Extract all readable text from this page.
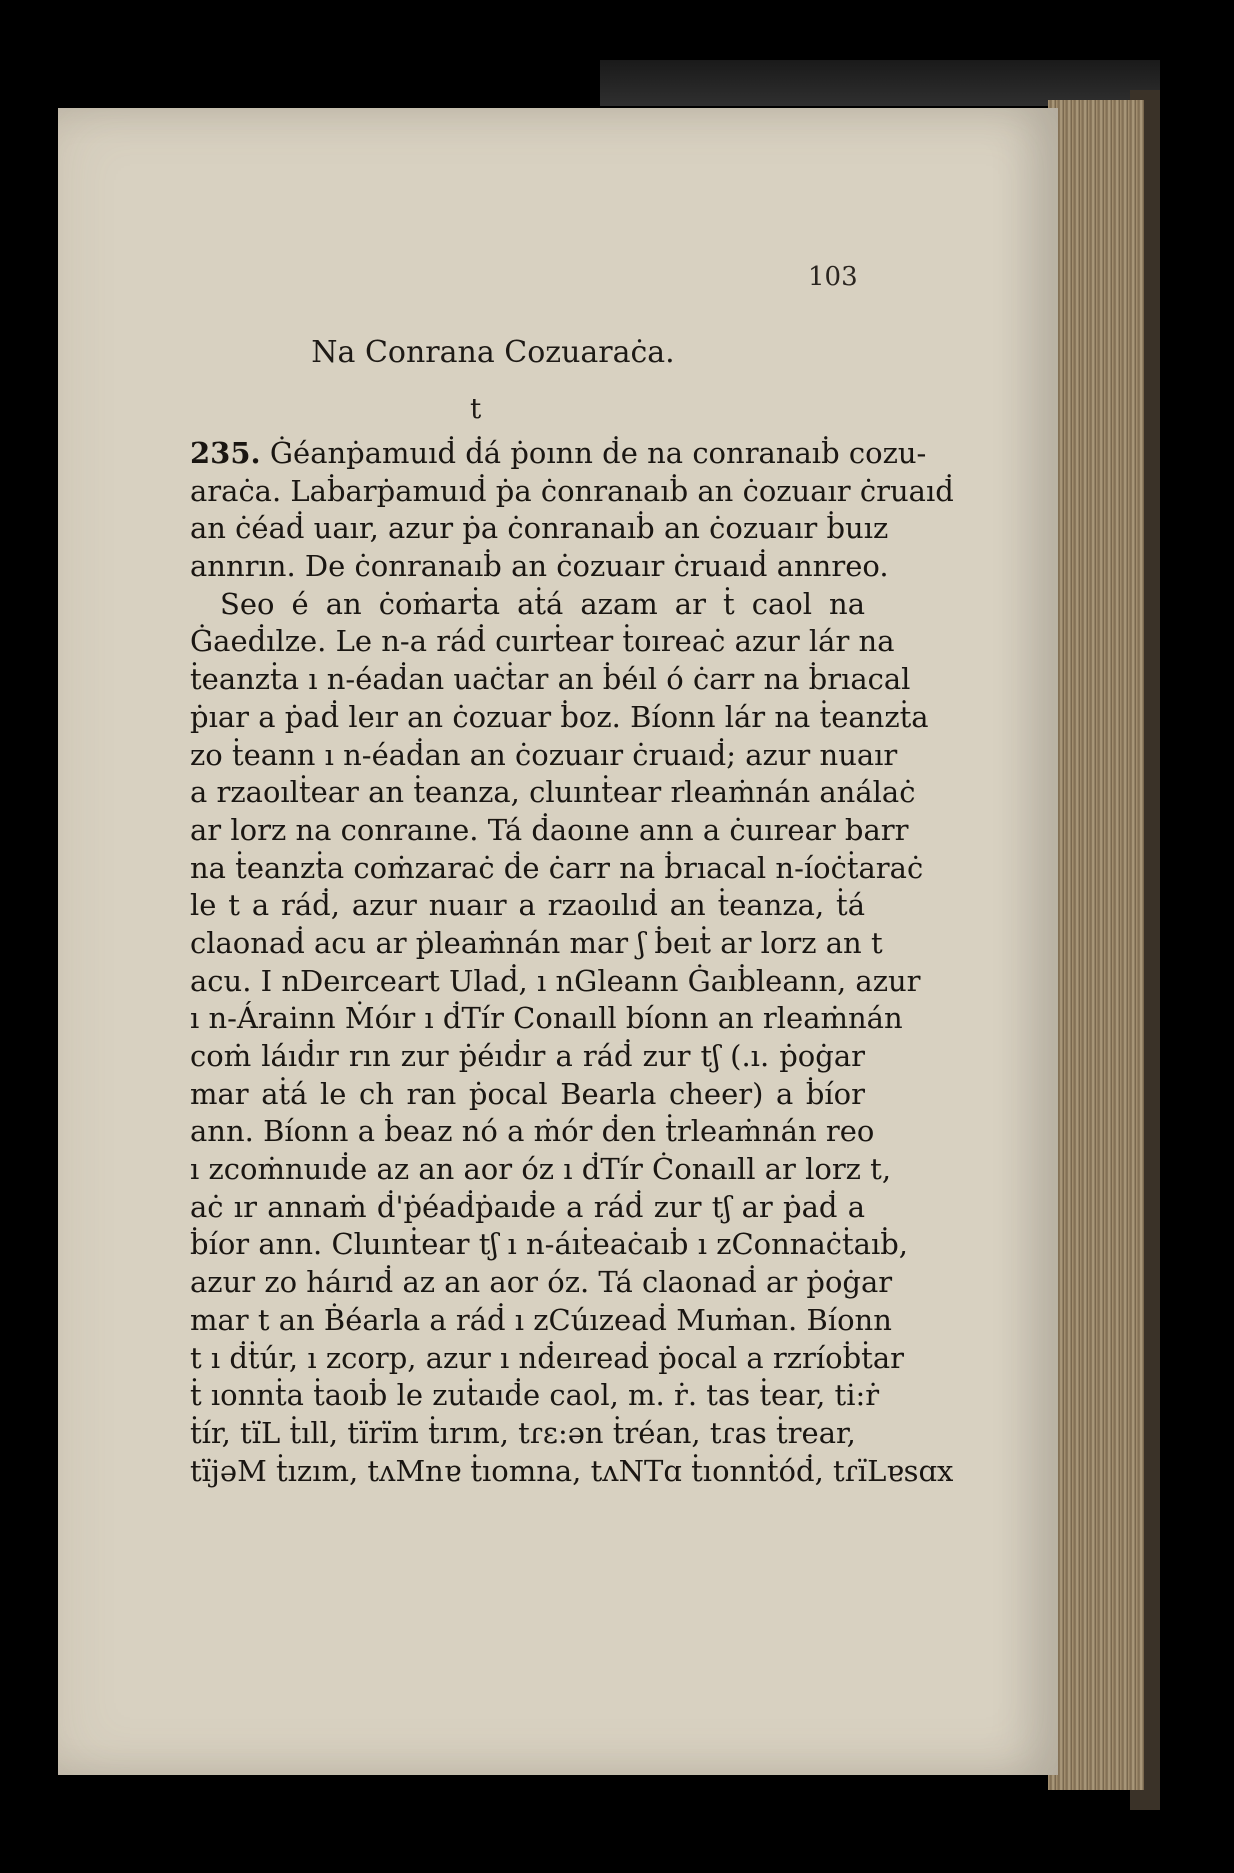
103
Na Conrana Cozuaraċa.
t
235. Ġéanṗamuıḋ ḋá ṗoınn ḋe na conranaıḃ cozu-
araċa. Laḃarṗamuıḋ ṗa ċonranaıḃ an ċozuaır ċruaıḋ
an ċéaḋ uaır, azur ṗa ċonranaıḃ an ċozuaır ḃuız
annrın. De ċonranaıḃ an ċozuaır ċruaıḋ annreo.
Seo é an ċoṁarṫa aṫá azam ar ṫ caol na
Ġaeḋılze. Le n-a ráḋ cuırṫear ṫoıreaċ azur lár na
ṫeanzṫa ı n-éaḋan uaċṫar an ḃéıl ó ċarr na ḃrıacal
ṗıar a ṗaḋ leır an ċozuar ḃoz. Bíonn lár na ṫeanzṫa
zo ṫeann ı n-éaḋan an ċozuaır ċruaıḋ; azur nuaır
a rzaoılṫear an ṫeanza, cluınṫear rleaṁnán análaċ
ar lorz na conraıne. Tá ḋaoıne ann a ċuırear barr
na ṫeanzṫa coṁzaraċ ḋe ċarr na ḃrıacal n-íoċṫaraċ
le t a ráḋ, azur nuaır a rzaoılıḋ an ṫeanza, ṫá
claonaḋ acu ar ṗleaṁnán mar ʃ ḃeıṫ ar lorz an t
acu. I nDeırceart Ulaḋ, ı nGleann Ġaıḃleann, azur
ı n-Árainn Ṁóır ı ḋTír Conaıll bíonn an rleaṁnán
coṁ láıḋır rın zur ṗéıḋır a ráḋ zur tʃ (.ı. ṗoġar
mar aṫá le ch ran ṗocal Bearla cheer) a ḃíor
ann. Bíonn a ḃeaz nó a ṁór ḋen ṫrleaṁnán reo
ı zcoṁnuıḋe az an aor óz ı ḋTír Ċonaıll ar lorz t,
aċ ır annaṁ ḋ'ṗéaḋṗaıḋe a ráḋ zur tʃ ar ṗaḋ a
ḃíor ann. Cluınṫear tʃ ı n-áıṫeaċaıḃ ı zConnaċṫaıḃ,
azur zo háırıḋ az an aor óz. Tá claonaḋ ar ṗoġar
mar t an Ḃéarla a ráḋ ı zCúızeaḋ Muṁan. Bíonn
t ı ḋṫúr, ı zcorp, azur ı nḋeıreaḋ ṗocal a rzríoḃṫar
ṫ ıonnṫa ṫaoıḃ le zuṫaıḋe caol, m. ṙ. tas ṫear, ti:ṙ
ṫír, tïL ṫıll, tïrïm ṫırım, tɾɛ:ən ṫréan, tɾas ṫrear,
tïjəM ṫızım, tʌMnɐ ṫıomna, tʌNTɑ ṫıonnṫóḋ, tɾïLɐsɑx
